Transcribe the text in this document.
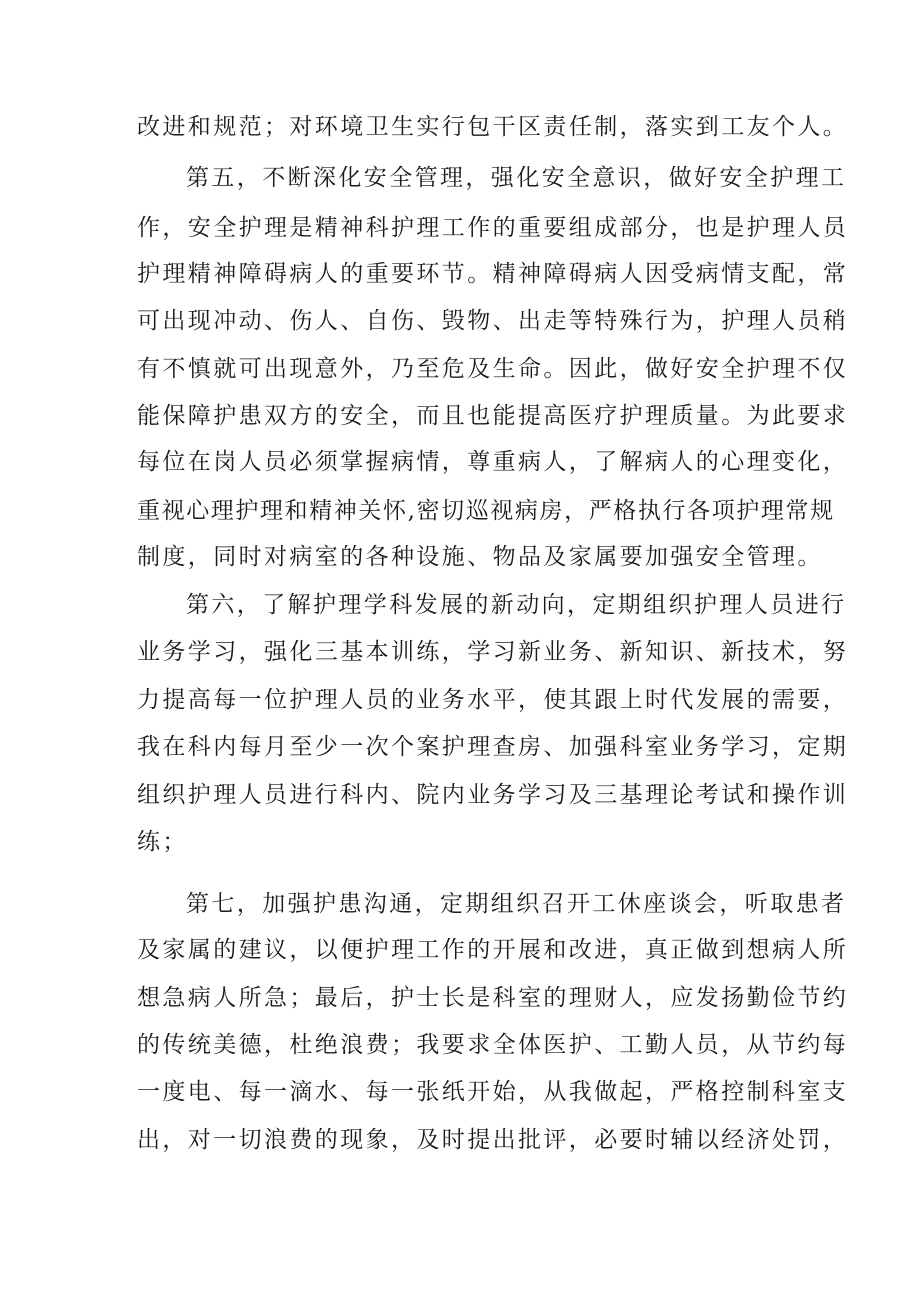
改进和规范；对环境卫生实行包干区责任制，落实到工友个人。
第五，不断深化安全管理，强化安全意识，做好安全护理工
作，安全护理是精神科护理工作的重要组成部分，也是护理人员
护理精神障碍病人的重要环节。精神障碍病人因受病情支配，常
可出现冲动、伤人、自伤、毁物、出走等特殊行为，护理人员稍
有不慎就可出现意外，乃至危及生命。因此，做好安全护理不仅
能保障护患双方的安全，而且也能提高医疗护理质量。为此要求
每位在岗人员必须掌握病情，尊重病人，了解病人的心理变化，
重视心理护理和精神关怀,密切巡视病房，严格执行各项护理常规
制度，同时对病室的各种设施、物品及家属要加强安全管理。
第六，了解护理学科发展的新动向，定期组织护理人员进行
业务学习，强化三基本训练，学习新业务、新知识、新技术，努
力提高每一位护理人员的业务水平，使其跟上时代发展的需要，
我在科内每月至少一次个案护理查房、加强科室业务学习，定期
组织护理人员进行科内、院内业务学习及三基理论考试和操作训
练；
第七，加强护患沟通，定期组织召开工休座谈会，听取患者
及家属的建议，以便护理工作的开展和改进，真正做到想病人所
想急病人所急；最后，护士长是科室的理财人，应发扬勤俭节约
的传统美德，杜绝浪费；我要求全体医护、工勤人员，从节约每
一度电、每一滴水、每一张纸开始，从我做起，严格控制科室支
出，对一切浪费的现象，及时提出批评，必要时辅以经济处罚，
